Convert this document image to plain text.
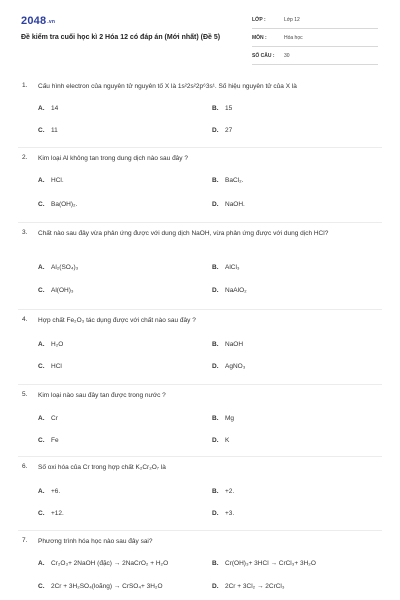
2048.vn
Đề kiểm tra cuối học kì 2 Hóa 12 có đáp án (Mới nhất) (Đề 5)
LỚP :	Lớp 12
MÔN :	Hóa học
SỐ CÂU : 30
1. Cấu hình electron của nguyên tử nguyên tố X là 1s²2s²2p⁶3s¹. Số hiệu nguyên tử của X là
A. 14	B. 15
C. 11	D. 27
2. Kim loại Al không tan trong dung dịch nào sau đây ?
A. HCl.	B. BaCl₂.
C. Ba(OH)₂.	D. NaOH.
3. Chất nào sau đây vừa phản ứng được với dung dịch NaOH, vừa phản ứng được với dung dịch HCl?
A. Al₂(SO₄)₃	B. AlCl₃
C. Al(OH)₃	D. NaAlO₂
4. Hợp chất Fe₂O₃ tác dụng được với chất nào sau đây ?
A. H₂O	B. NaOH
C. HCl	D. AgNO₃
5. Kim loại nào sau đây tan được trong nước ?
A. Cr	B. Mg
C. Fe	D. K
6. Số oxi hóa của Cr trong hợp chất K₂Cr₂O₇ là
A. +6.	B. +2.
C. +12.	D. +3.
7. Phương trình hóa học nào sau đây sai?
A. Cr₂O₃+ 2NaOH (đặc) → 2NaCrO₂ + H₂O	B. Cr(OH)₃+ 3HCl → CrCl₃+ 3H₂O
C. 2Cr + 3H₂SO₄(loãng) → CrSO₄+ 3H₂O	D. 2Cr + 3Cl₂ → 2CrCl₃
